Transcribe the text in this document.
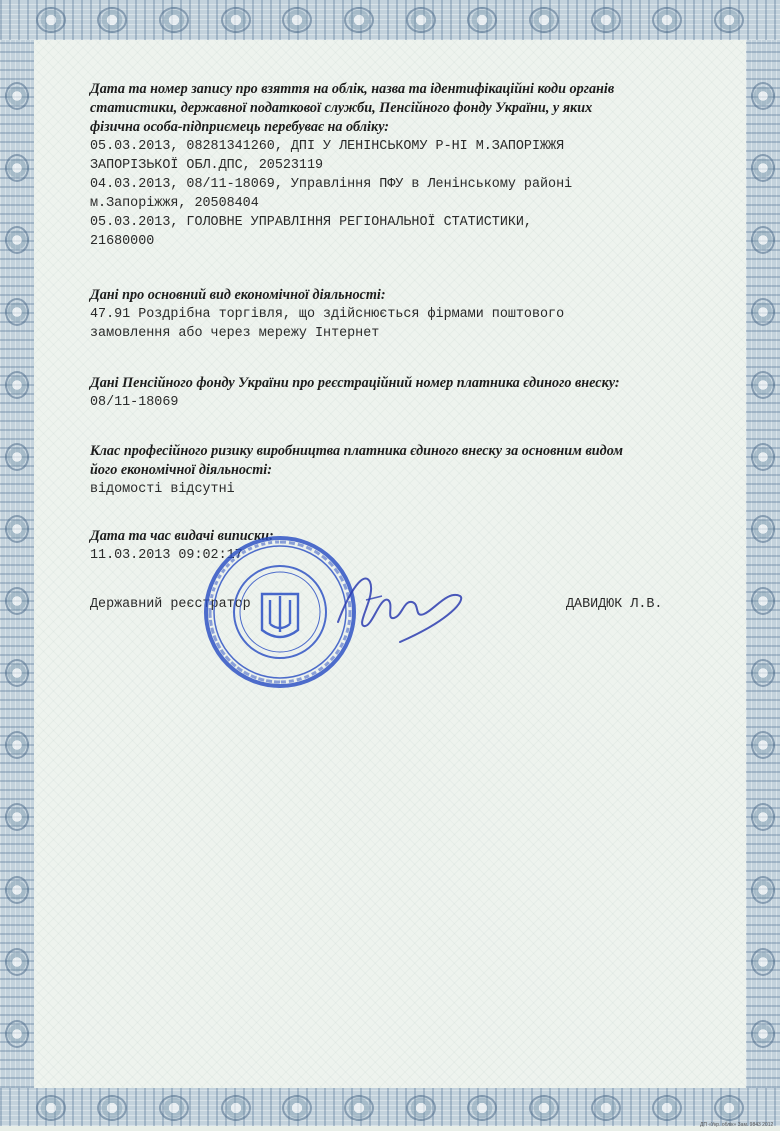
Дата та номер запису про взяття на облік, назва та ідентифікаційні коди органів

статистики, державної податкової служби, Пенсійного фонду України, у яких

фізична особа-підприємець перебуває на обліку:

05.03.2013, 08281341260, ДПІ У ЛЕНІНСЬКОМУ Р-НІ М.ЗАПОРІЖЖЯ

ЗАПОРІЗЬКОЇ ОБЛ.ДПС, 20523119

04.03.2013, 08/11-18069, Управління ПФУ в Ленінському районі

м.Запоріжжя, 20508404

05.03.2013, ГОЛОВНЕ УПРАВЛІННЯ РЕГІОНАЛЬНОЇ СТАТИСТИКИ,

21680000

Дані про основний вид економічної діяльності:

47.91 Роздрібна торгівля, що здійснюється фірмами поштового

замовлення або через мережу Інтернет

Дані Пенсійного фонду України про реєстраційний номер платника єдиного внеску:

08/11-18069

Клас професійного ризику виробництва платника єдиного внеску за основним видом

його економічної діяльності:

відомості відсутні

Дата та час видачі виписки:

11.03.2013 09:02:17

Державний реєстратор	ДАВИДЮК Л.В.
ДП «Укр. облік» Зам. 9843 2012
